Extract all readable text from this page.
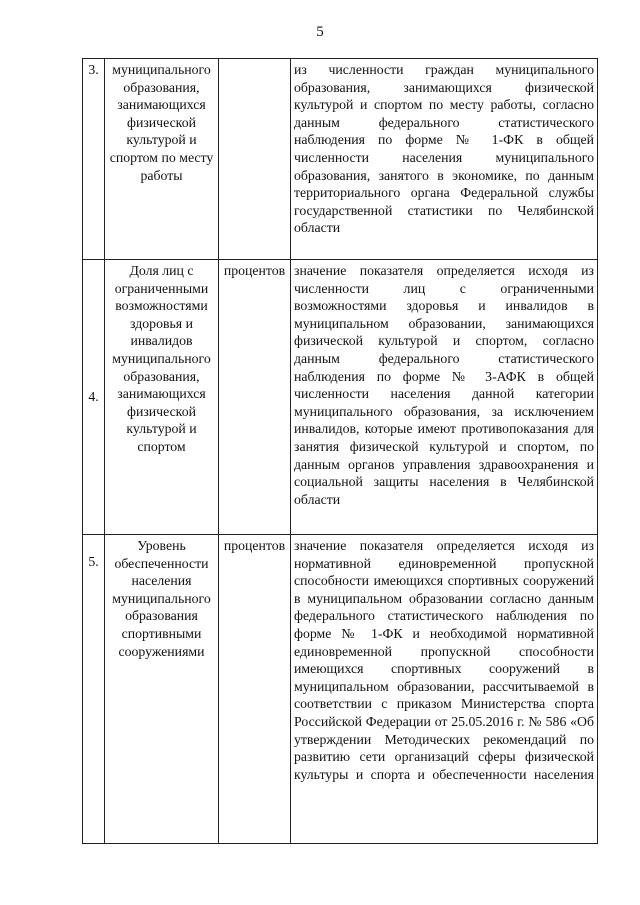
5
3.	муниципального образования, занимающихся физической культурой и спортом по месту работы		из численности граждан муниципального образования, занимающихся физической культурой и спортом по месту работы, согласно данным федерального статистического наблюдения по форме № 1-ФК в общей численности населения муниципального образования, занятого в экономике, по данным территориального органа Федеральной службы государственной статистики по Челябинской области
4.	Доля лиц с ограниченными возможностями здоровья и инвалидов муниципального образования, занимающихся физической культурой и спортом	процентов	значение показателя определяется исходя из численности лиц с ограниченными возможностями здоровья и инвалидов в муниципальном образовании, занимающихся физической культурой и спортом, согласно данным федерального статистического наблюдения по форме № 3-АФК в общей численности населения данной категории муниципального образования, за исключением инвалидов, которые имеют противопоказания для занятия физической культурой и спортом, по данным органов управления здравоохранения и социальной защиты населения в Челябинской области
5.	Уровень обеспеченности населения муниципального образования спортивными сооружениями	процентов	значение показателя определяется исходя из нормативной единовременной пропускной способности имеющихся спортивных сооружений в муниципальном образовании согласно данным федерального статистического наблюдения по форме № 1-ФК и необходимой нормативной единовременной пропускной способности имеющихся спортивных сооружений в муниципальном образовании, рассчитываемой в соответствии с приказом Министерства спорта Российской Федерации от 25.05.2016 г. № 586 «Об утверждении Методических рекомендаций по развитию сети организаций сферы физической культуры и спорта и обеспеченности населения
